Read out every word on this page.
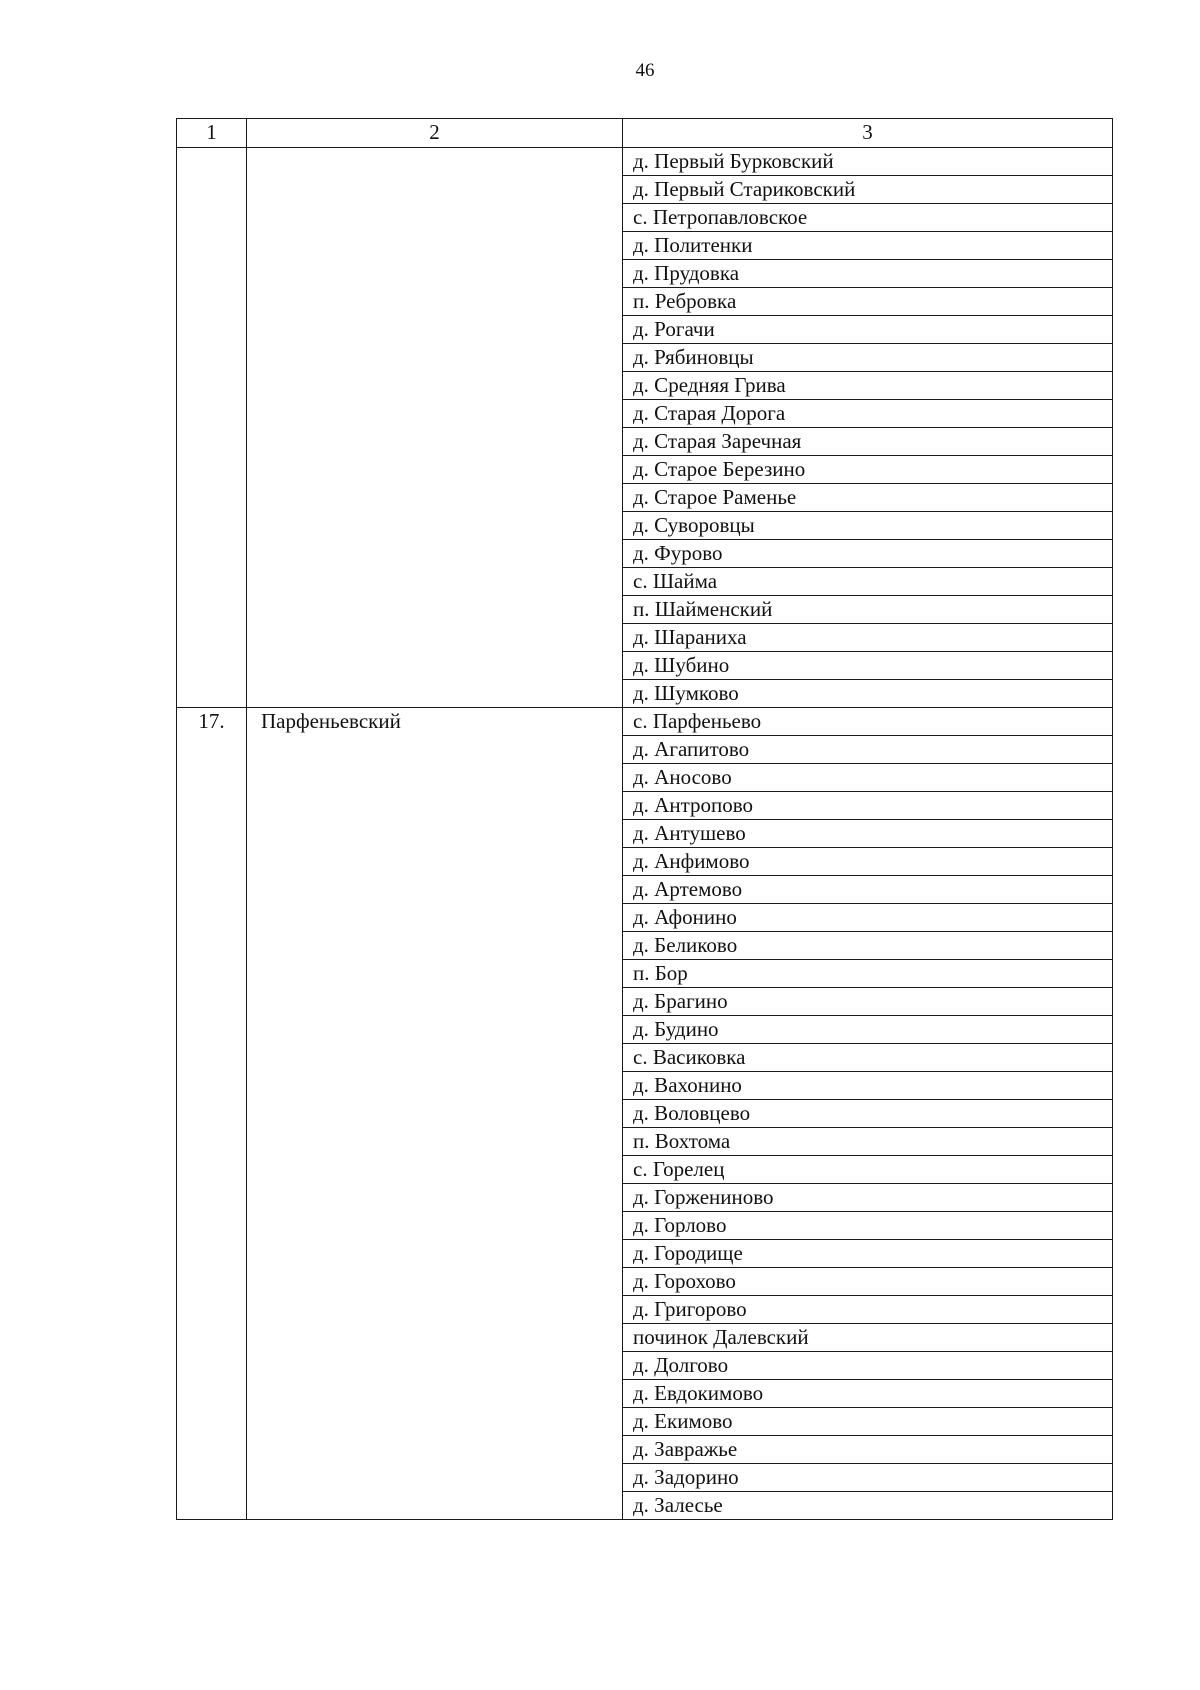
46
1	2	3
		д. Первый Бурковский
		д. Первый Стариковский
		с. Петропавловское
		д. Политенки
		д. Прудовка
		п. Ребровка
		д. Рогачи
		д. Рябиновцы
		д. Средняя Грива
		д. Старая Дорога
		д. Старая Заречная
		д. Старое Березино
		д. Старое Раменье
		д. Суворовцы
		д. Фурово
		с. Шайма
		п. Шайменский
		д. Шараниха
		д. Шубино
		д. Шумково
17.	Парфеньевский	с. Парфеньево
		д. Агапитово
		д. Аносово
		д. Антропово
		д. Антушево
		д. Анфимово
		д. Артемово
		д. Афонино
		д. Беликово
		п. Бор
		д. Брагино
		д. Будино
		с. Васиковка
		д. Вахонино
		д. Воловцево
		п. Вохтома
		с. Горелец
		д. Горжениново
		д. Горлово
		д. Городище
		д. Горохово
		д. Григорово
		починок Далевский
		д. Долгово
		д. Евдокимово
		д. Екимово
		д. Завражье
		д. Задорино
		д. Залесье
